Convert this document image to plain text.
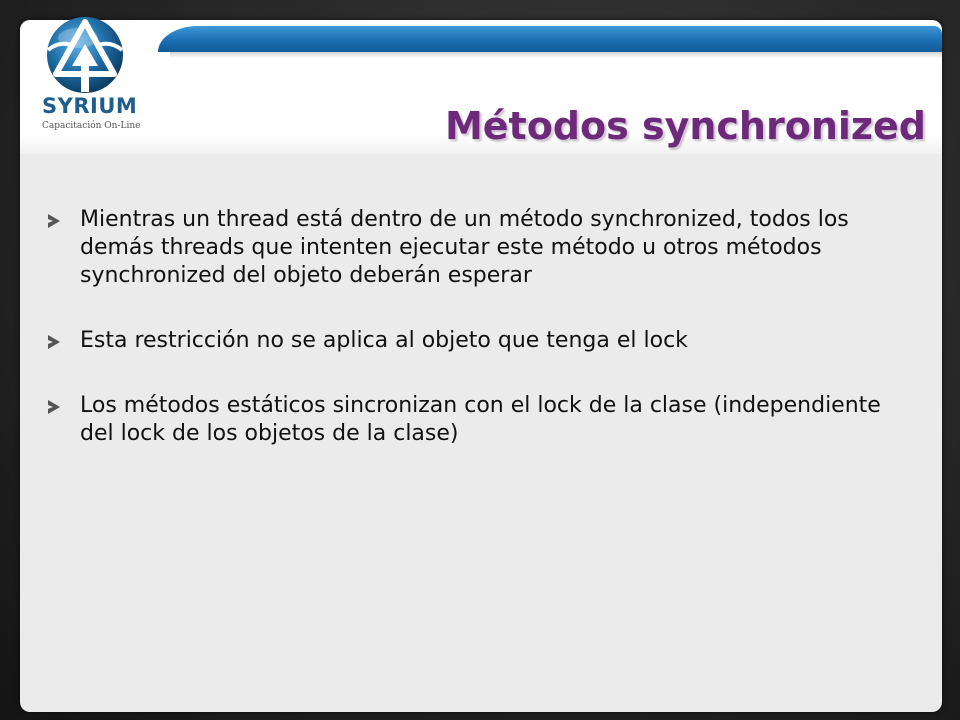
Métodos synchronized
Mientras un thread está dentro de un método synchronized, todos los demás threads que intenten ejecutar este método u otros métodos synchronized del objeto deberán esperar
Esta restricción no se aplica al objeto que tenga el lock
Los métodos estáticos sincronizan con el lock de la clase (independiente del lock de los objetos de la clase)
SYRIUM
Capacitación On-Line
